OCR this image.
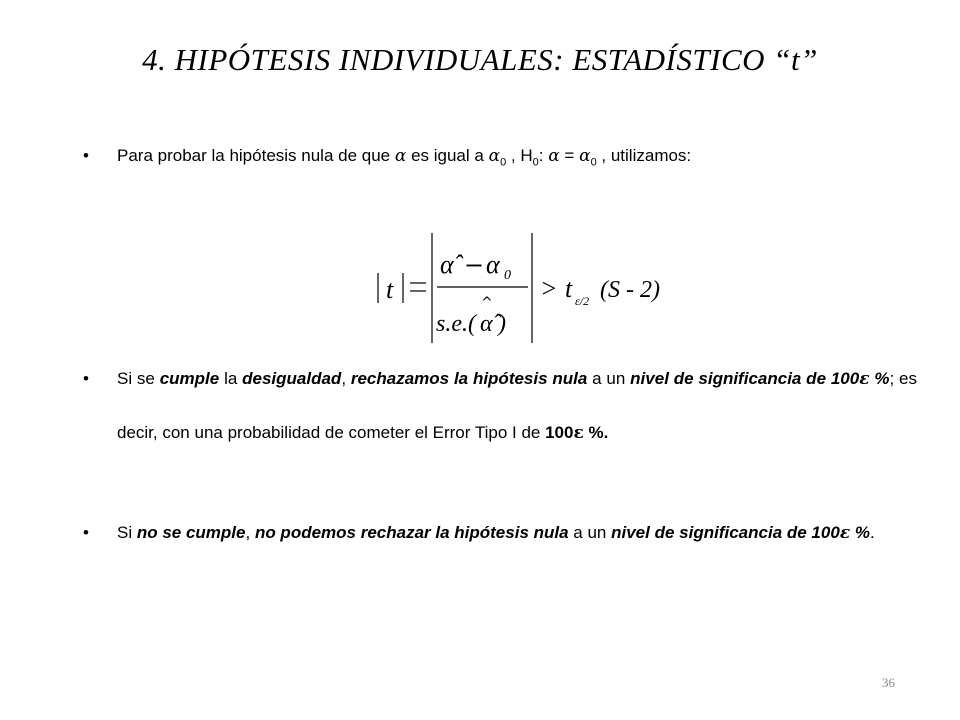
4. HIPÓTESIS INDIVIDUALES: ESTADÍSTICO “t”
• Para probar la hipótesis nula de que α es igual a $\alpha_0$ , $H_0$: $\alpha = \alpha_0$ , utilizamos:
t
α̂ − α 0
^
s.e.( α̂ )
> t ε/2 (S - 2)
• Si se cumple la desigualdad, rechazamos la hipótesis nula a un nivel de significancia de 100ε %; es decir, con una probabilidad de cometer el Error Tipo I de 100ε %.
• Si no se cumple, no podemos rechazar la hipótesis nula a un nivel de significancia de 100ε %.
36
